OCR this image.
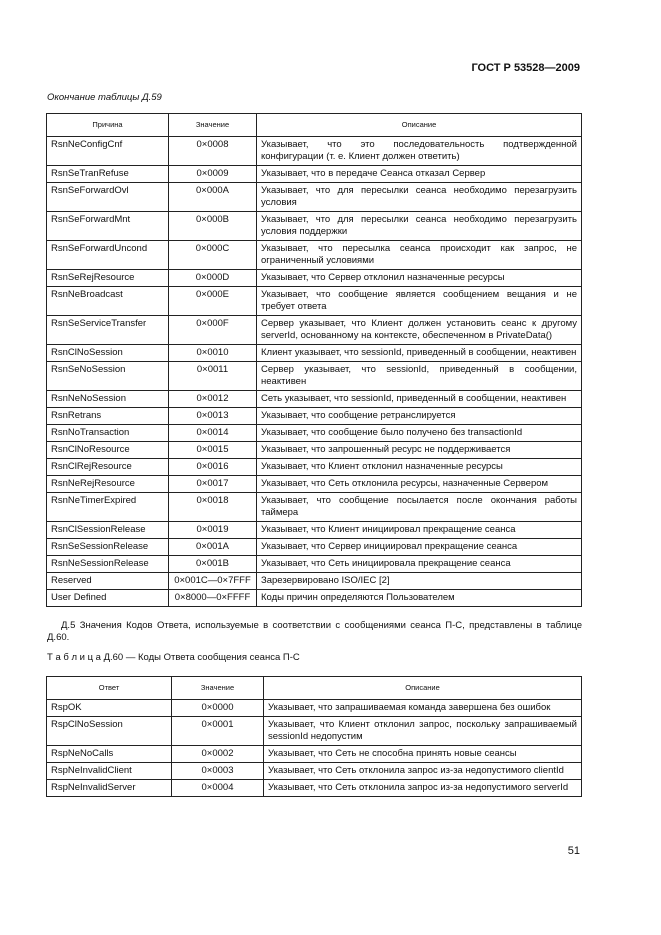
ГОСТ Р 53528—2009
Окончание таблицы Д.59
Причина	Значение	Описание
RsnNeConfigCnf	0×0008	Указывает, что это последовательность подтвержденной конфигурации (т. е. Клиент должен ответить)
RsnSeTranRefuse	0×0009	Указывает, что в передаче Сеанса отказал Сервер
RsnSeForwardOvl	0×000A	Указывает, что для пересылки сеанса необходимо перезагрузить условия
RsnSeForwardMnt	0×000B	Указывает, что для пересылки сеанса необходимо перезагрузить условия поддержки
RsnSeForwardUncond	0×000C	Указывает, что пересылка сеанса происходит как запрос, не ограниченный условиями
RsnSeRejResource	0×000D	Указывает, что Сервер отклонил назначенные ресурсы
RsnNeBroadcast	0×000E	Указывает, что сообщение является сообщением вещания и не требует ответа
RsnSeServiceTransfer	0×000F	Сервер указывает, что Клиент должен установить сеанс к другому serverId, основанному на контексте, обеспеченном в PrivateData()
RsnClNoSession	0×0010	Клиент указывает, что sessionId, приведенный в сообщении, неактивен
RsnSeNoSession	0×0011	Сервер указывает, что sessionId, приведенный в сообщении, неактивен
RsnNeNoSession	0×0012	Сеть указывает, что sessionId, приведенный в сообщении, неактивен
RsnRetrans	0×0013	Указывает, что сообщение ретранслируется
RsnNoTransaction	0×0014	Указывает, что сообщение было получено без transactionId
RsnClNoResource	0×0015	Указывает, что запрошенный ресурс не поддерживается
RsnClRejResource	0×0016	Указывает, что Клиент отклонил назначенные ресурсы
RsnNeRejResource	0×0017	Указывает, что Сеть отклонила ресурсы, назначенные Сервером
RsnNeTimerExpired	0×0018	Указывает, что сообщение посылается после окончания работы таймера
RsnClSessionRelease	0×0019	Указывает, что Клиент инициировал прекращение сеанса
RsnSeSessionRelease	0×001A	Указывает, что Сервер инициировал прекращение сеанса
RsnNeSessionRelease	0×001B	Указывает, что Сеть инициировала прекращение сеанса
Reserved	0×001C—0×7FFF	Зарезервировано ISO/IEC [2]
User Defined	0×8000—0×FFFF	Коды причин определяются Пользователем
Д.5 Значения Кодов Ответа, используемые в соответствии с сообщениями сеанса П-С, представлены в таблице Д.60.
Т а б л и ц а Д.60 — Коды Ответа сообщения сеанса П-С
Ответ	Значение	Описание
RspOK	0×0000	Указывает, что запрашиваемая команда завершена без ошибок
RspClNoSession	0×0001	Указывает, что Клиент отклонил запрос, поскольку запрашиваемый sessionId недопустим
RspNeNoCalls	0×0002	Указывает, что Сеть не способна принять новые сеансы
RspNeInvalidClient	0×0003	Указывает, что Сеть отклонила запрос из-за недопустимого clientId
RspNeInvalidServer	0×0004	Указывает, что Сеть отклонила запрос из-за недопустимого serverId
51
